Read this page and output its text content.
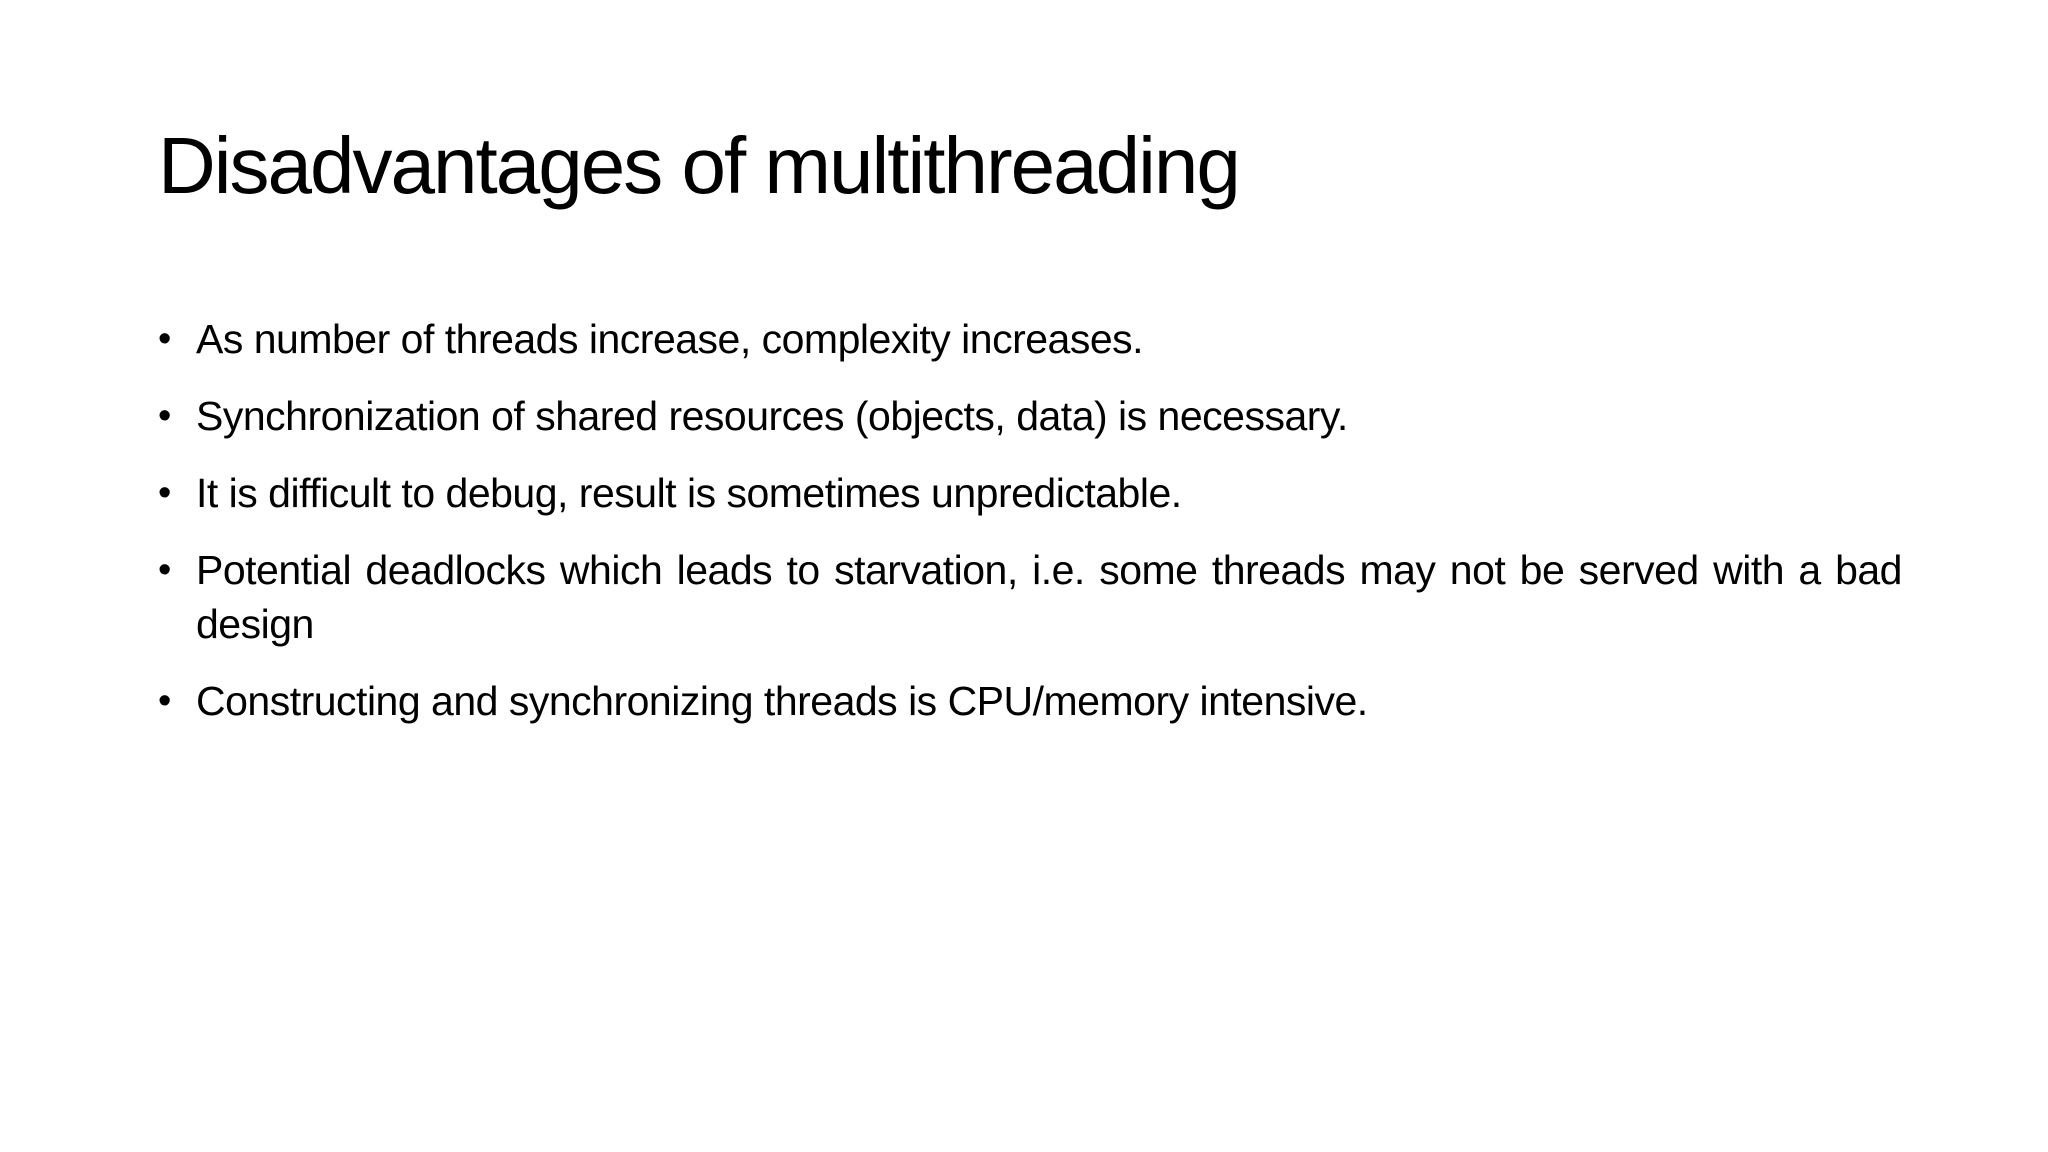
Disadvantages of multithreading
• As number of threads increase, complexity increases.
• Synchronization of shared resources (objects, data) is necessary.
• It is difficult to debug, result is sometimes unpredictable.
• Potential deadlocks which leads to starvation, i.e. some threads may not be served with a bad design
• Constructing and synchronizing threads is CPU/memory intensive.
